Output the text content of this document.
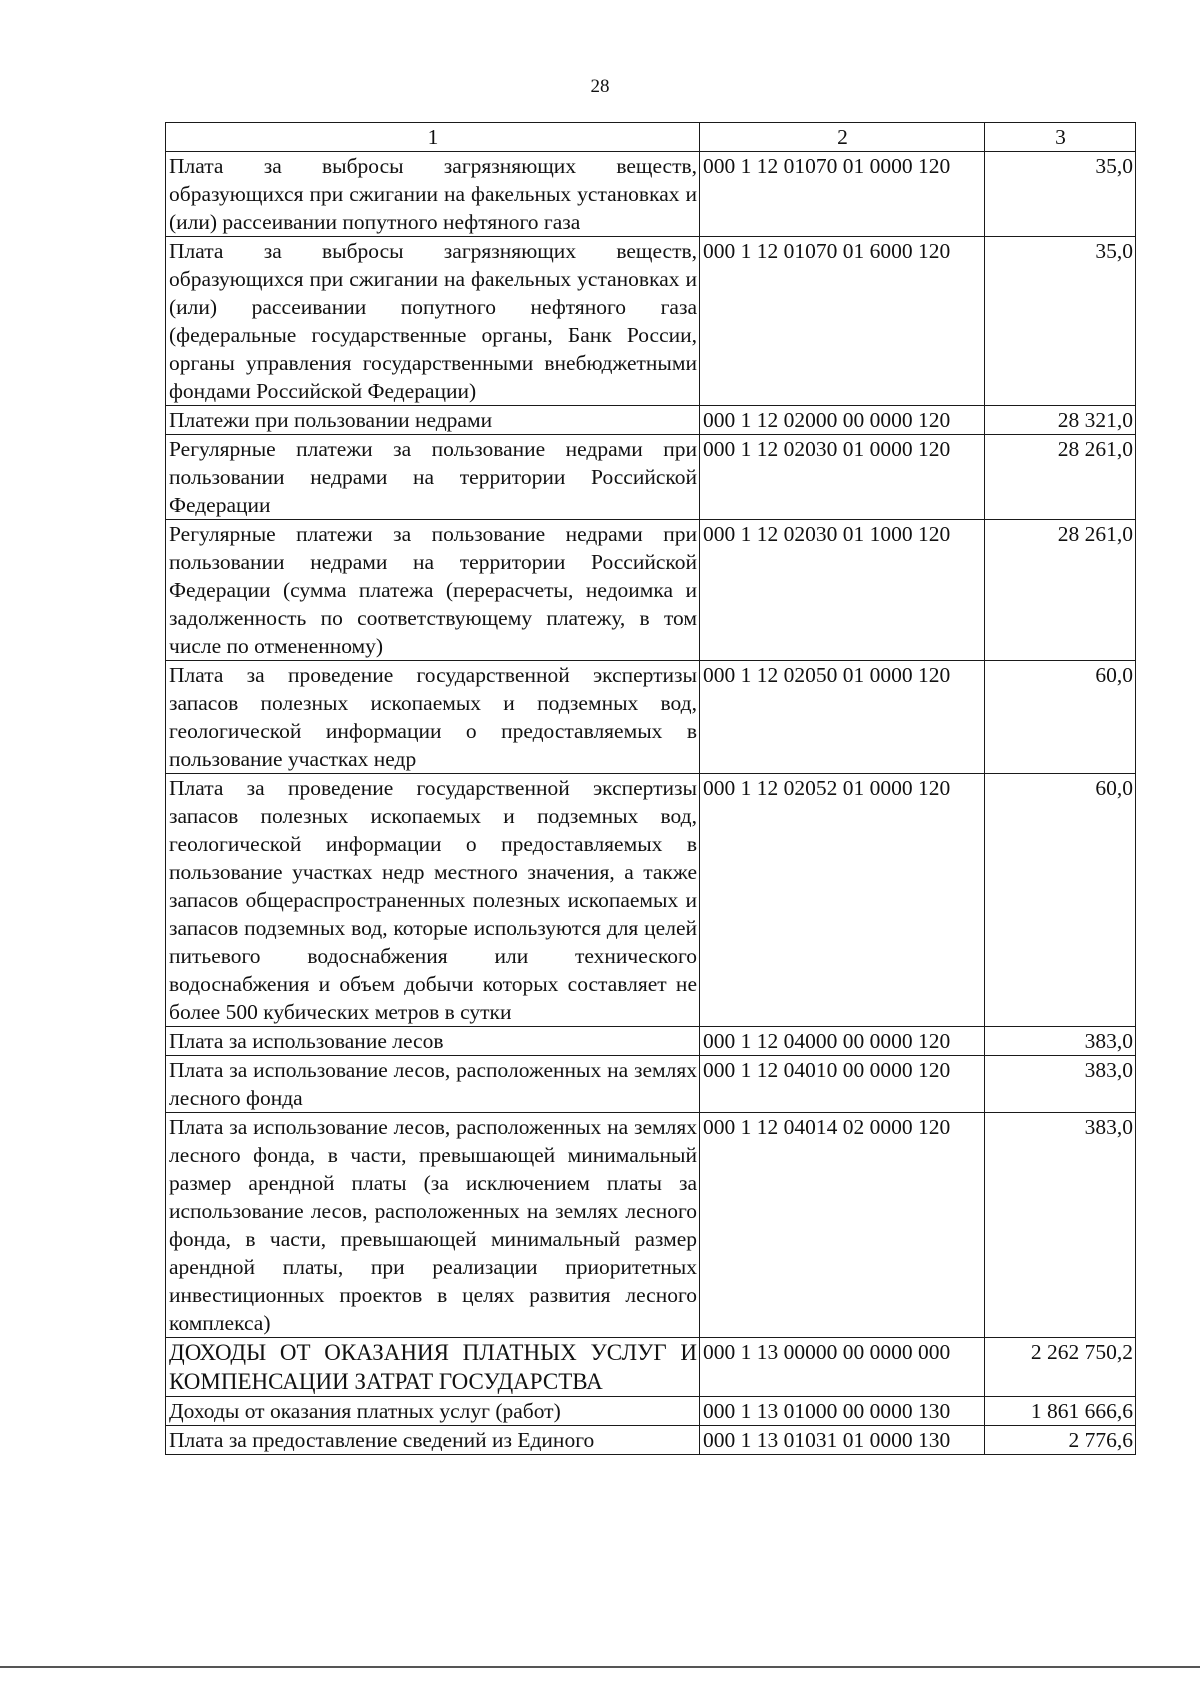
28
1	2	3
Плата за выбросы загрязняющих веществ, образующихся при сжигании на факельных установках и (или) рассеивании попутного нефтяного газа	000 1 12 01070 01 0000 120	35,0
Плата за выбросы загрязняющих веществ, образующихся при сжигании на факельных установках и (или) рассеивании попутного нефтяного газа (федеральные государственные органы, Банк России, органы управления государственными внебюджетными фондами Российской Федерации)	000 1 12 01070 01 6000 120	35,0
Платежи при пользовании недрами	000 1 12 02000 00 0000 120	28 321,0
Регулярные платежи за пользование недрами при пользовании недрами на территории Российской Федерации	000 1 12 02030 01 0000 120	28 261,0
Регулярные платежи за пользование недрами при пользовании недрами на территории Российской Федерации (сумма платежа (перерасчеты, недоимка и задолженность по соответствующему платежу, в том числе по отмененному)	000 1 12 02030 01 1000 120	28 261,0
Плата за проведение государственной экспертизы запасов полезных ископаемых и подземных вод, геологической информации о предоставляемых в пользование участках недр	000 1 12 02050 01 0000 120	60,0
Плата за проведение государственной экспертизы запасов полезных ископаемых и подземных вод, геологической информации о предоставляемых в пользование участках недр местного значения, а также запасов общераспространенных полезных ископаемых и запасов подземных вод, которые используются для целей питьевого водоснабжения или технического водоснабжения и объем добычи которых составляет не более 500 кубических метров в сутки	000 1 12 02052 01 0000 120	60,0
Плата за использование лесов	000 1 12 04000 00 0000 120	383,0
Плата за использование лесов, расположенных на землях лесного фонда	000 1 12 04010 00 0000 120	383,0
Плата за использование лесов, расположенных на землях лесного фонда, в части, превышающей минимальный размер арендной платы (за исключением платы за использование лесов, расположенных на землях лесного фонда, в части, превышающей минимальный размер арендной платы, при реализации приоритетных инвестиционных проектов в целях развития лесного комплекса)	000 1 12 04014 02 0000 120	383,0
ДОХОДЫ ОТ ОКАЗАНИЯ ПЛАТНЫХ УСЛУГ И КОМПЕНСАЦИИ ЗАТРАТ ГОСУДАРСТВА	000 1 13 00000 00 0000 000	2 262 750,2
Доходы от оказания платных услуг (работ)	000 1 13 01000 00 0000 130	1 861 666,6
Плата за предоставление сведений из Единого	000 1 13 01031 01 0000 130	2 776,6
